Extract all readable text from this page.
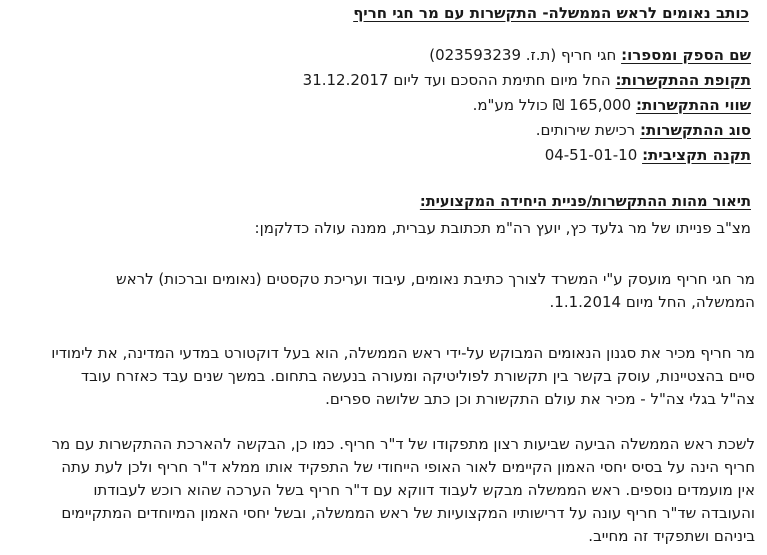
כותב נאומים לראש הממשלה- התקשרות עם מר חגי חריף
שם הספק ומספרו: חגי חריף (ת.ז. 023593239)
תקופת ההתקשרות: החל מיום חתימת ההסכם ועד ליום 31.12.2017
שווי ההתקשרות: 165,000 ₪ כולל מע"מ.
סוג ההתקשרות: רכישת שירותים.
תקנה תקציבית: 04-51-01-10
תיאור מהות ההתקשרות/פניית היחידה המקצועית:
מצ"ב פנייתו של מר גלעד כץ, יועץ רה"מ תכתובת עברית, ממנה עולה כדלקמן:
מר חגי חריף מועסק ע"י המשרד לצורך כתיבת נאומים, עיבוד ועריכת טקסטים (נאומים וברכות) לראש
הממשלה, החל מיום 1.1.2014.
מר חריף מכיר את סגנון הנאומים המבוקש על-ידי ראש הממשלה, הוא בעל דוקטורט במדעי המדינה, את לימודיו
סיים בהצטיינות, עוסק בקשר בין תקשורת לפוליטיקה ומעורה בנעשה בתחום. במשך שנים עבד כאזרח עובד
צה"ל בגלי צה"ל - מכיר את עולם התקשורת וכן כתב שלושה ספרים.
לשכת ראש הממשלה הביעה שביעות רצון מתפקודו של ד"ר חריף. כמו כן, הבקשה להארכת ההתקשרות עם מר
חריף הינה על בסיס יחסי האמון הקיימים לאור האופי הייחודי של התפקיד אותו ממלא ד"ר חריף ולכן לעת עתה
אין מועמדים נוספים. ראש הממשלה מבקש לעבוד דווקא עם ד"ר חריף בשל הערכה שהוא רוכש לעבודתו
והעובדה שד"ר חריף עונה על דרישותיו המקצועיות של ראש הממשלה, ובשל יחסי האמון המיוחדים המתקיימים
ביניהם ושתפקיד זה מחייב.
